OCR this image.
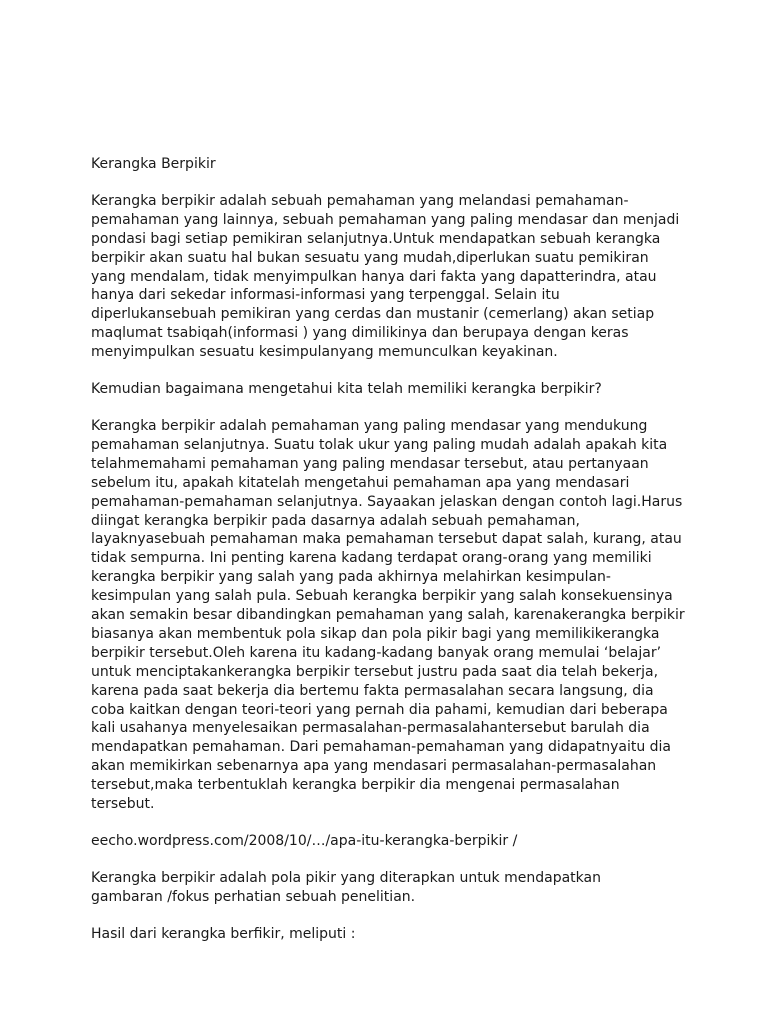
Kerangka Berpikir

Kerangka berpikir adalah sebuah pemahaman yang melandasi pemahaman-
pemahaman yang lainnya, sebuah pemahaman yang paling mendasar dan menjadi
pondasi bagi setiap pemikiran selanjutnya.Untuk mendapatkan sebuah kerangka
berpikir akan suatu hal bukan sesuatu yang mudah,diperlukan suatu pemikiran
yang mendalam, tidak menyimpulkan hanya dari fakta yang dapatterindra, atau
hanya dari sekedar informasi-informasi yang terpenggal. Selain itu
diperlukansebuah pemikiran yang cerdas dan mustanir (cemerlang) akan setiap
maqlumat tsabiqah(informasi ) yang dimilikinya dan berupaya dengan keras
menyimpulkan sesuatu kesimpulanyang memunculkan keyakinan.

Kemudian bagaimana mengetahui kita telah memiliki kerangka berpikir?

Kerangka berpikir adalah pemahaman yang paling mendasar yang mendukung
pemahaman selanjutnya. Suatu tolak ukur yang paling mudah adalah apakah kita
telahmemahami pemahaman yang paling mendasar tersebut, atau pertanyaan
sebelum itu, apakah kitatelah mengetahui pemahaman apa yang mendasari
pemahaman-pemahaman selanjutnya. Sayaakan jelaskan dengan contoh lagi.Harus
diingat kerangka berpikir pada dasarnya adalah sebuah pemahaman,
layaknyasebuah pemahaman maka pemahaman tersebut dapat salah, kurang, atau
tidak sempurna. Ini penting karena kadang terdapat orang-orang yang memiliki
kerangka berpikir yang salah yang pada akhirnya melahirkan kesimpulan-
kesimpulan yang salah pula. Sebuah kerangka berpikir yang salah konsekuensinya
akan semakin besar dibandingkan pemahaman yang salah, karenakerangka berpikir
biasanya akan membentuk pola sikap dan pola pikir bagi yang memilikikerangka
berpikir tersebut.Oleh karena itu kadang-kadang banyak orang memulai ‘belajar’
untuk menciptakankerangka berpikir tersebut justru pada saat dia telah bekerja,
karena pada saat bekerja dia bertemu fakta permasalahan secara langsung, dia
coba kaitkan dengan teori-teori yang pernah dia pahami, kemudian dari beberapa
kali usahanya menyelesaikan permasalahan-permasalahantersebut barulah dia
mendapatkan pemahaman. Dari pemahaman-pemahaman yang didapatnyaitu dia
akan memikirkan sebenarnya apa yang mendasari permasalahan-permasalahan
tersebut,maka terbentuklah kerangka berpikir dia mengenai permasalahan
tersebut.

eecho.wordpress.com/2008/10/…/apa-itu-kerangka-berpikir /

Kerangka berpikir adalah pola pikir yang diterapkan untuk mendapatkan
gambaran /fokus perhatian sebuah penelitian.

Hasil dari kerangka berfikir, meliputi :
